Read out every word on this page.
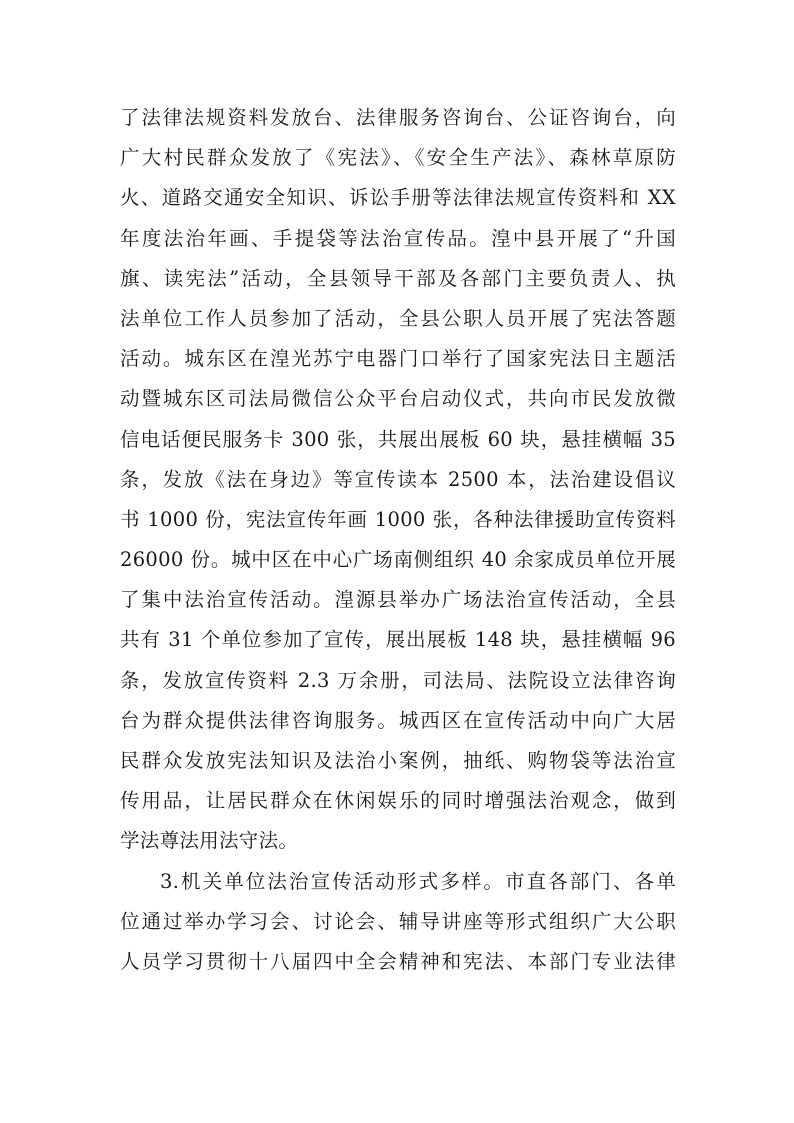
了法律法规资料发放台、法律服务咨询台、公证咨询台，向
广大村民群众发放了《宪法》、《安全生产法》、森林草原防
火、道路交通安全知识、诉讼手册等法律法规宣传资料和 XX
年度法治年画、手提袋等法治宣传品。湟中县开展了“升国
旗、读宪法”活动，全县领导干部及各部门主要负责人、执
法单位工作人员参加了活动，全县公职人员开展了宪法答题
活动。城东区在湟光苏宁电器门口举行了国家宪法日主题活
动暨城东区司法局微信公众平台启动仪式，共向市民发放微
信电话便民服务卡 300 张，共展出展板 60 块，悬挂横幅 35
条，发放《法在身边》等宣传读本 2500 本，法治建设倡议
书 1000 份，宪法宣传年画 1000 张，各种法律援助宣传资料
26000 份。城中区在中心广场南侧组织 40 余家成员单位开展
了集中法治宣传活动。湟源县举办广场法治宣传活动，全县
共有 31 个单位参加了宣传，展出展板 148 块，悬挂横幅 96
条，发放宣传资料 2.3 万余册，司法局、法院设立法律咨询
台为群众提供法律咨询服务。城西区在宣传活动中向广大居
民群众发放宪法知识及法治小案例，抽纸、购物袋等法治宣
传用品，让居民群众在休闲娱乐的同时增强法治观念，做到
学法尊法用法守法。
3.机关单位法治宣传活动形式多样。市直各部门、各单
位通过举办学习会、讨论会、辅导讲座等形式组织广大公职
人员学习贯彻十八届四中全会精神和宪法、本部门专业法律
